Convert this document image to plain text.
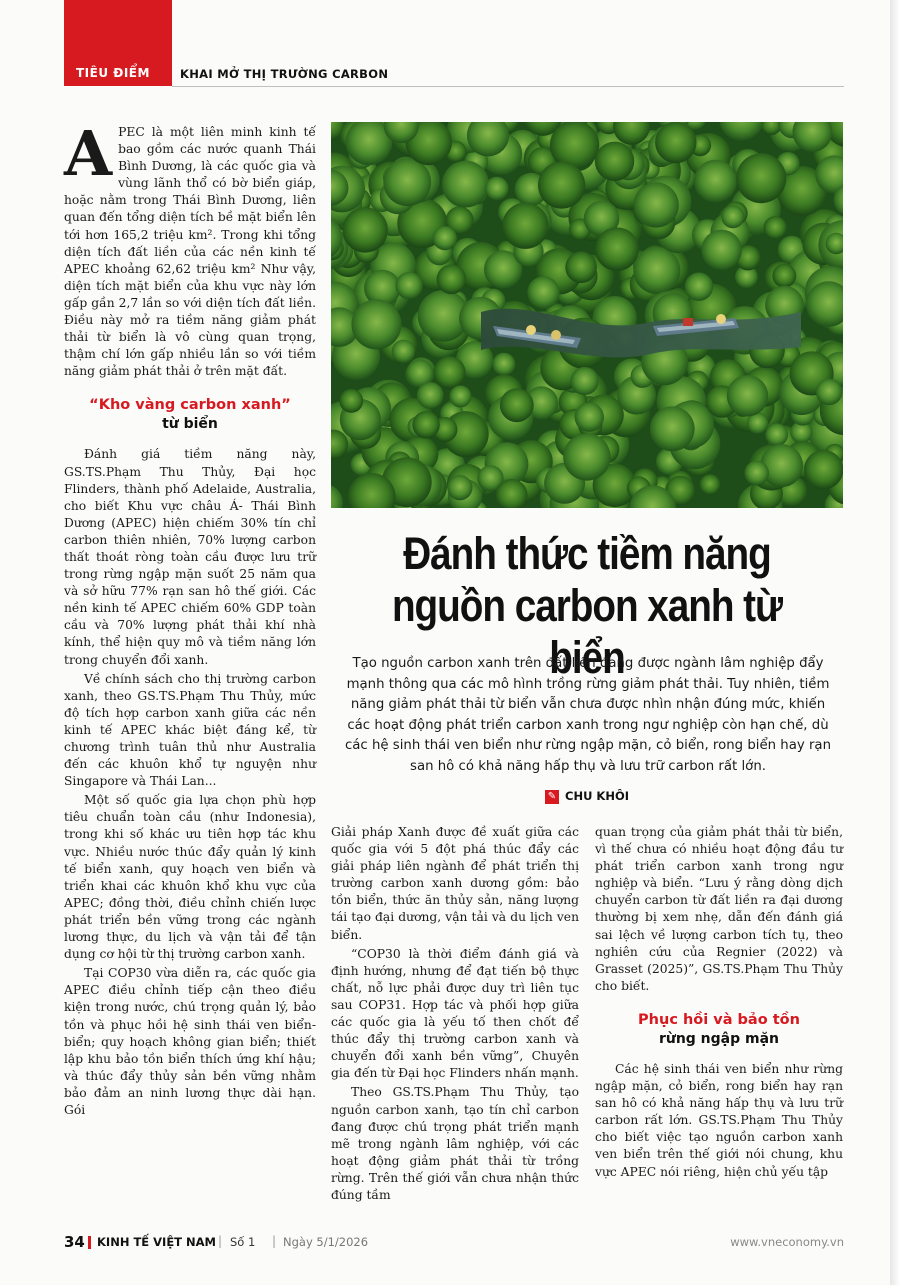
TIÊU ĐIỂM	KHAI MỞ THỊ TRƯỜNG CARBON

APEC là một liên minh kinh tế bao gồm các nước quanh Thái Bình Dương, là các quốc gia và vùng lãnh thổ có bờ biển giáp, hoặc nằm trong Thái Bình Dương, liên quan đến tổng diện tích bề mặt biển lên tới hơn 165,2 triệu km². Trong khi tổng diện tích đất liền của các nền kinh tế APEC khoảng 62,62 triệu km² Như vậy, diện tích mặt biển của khu vực này lớn gấp gần 2,7 lần so với diện tích đất liền. Điều này mở ra tiềm năng giảm phát thải từ biển là vô cùng quan trọng, thậm chí lớn gấp nhiều lần so với tiềm năng giảm phát thải ở trên mặt đất.

“Kho vàng carbon xanh”
từ biển

Đánh giá tiềm năng này, GS.TS.Phạm Thu Thủy, Đại học Flinders, thành phố Adelaide, Australia, cho biết Khu vực châu Á- Thái Bình Dương (APEC) hiện chiếm 30% tín chỉ carbon thiên nhiên, 70% lượng carbon thất thoát ròng toàn cầu được lưu trữ trong rừng ngập mặn suốt 25 năm qua và sở hữu 77% rạn san hô thế giới. Các nền kinh tế APEC chiếm 60% GDP toàn cầu và 70% lượng phát thải khí nhà kính, thể hiện quy mô và tiềm năng lớn trong chuyển đổi xanh.

Về chính sách cho thị trường carbon xanh, theo GS.TS.Phạm Thu Thủy, mức độ tích hợp carbon xanh giữa các nền kinh tế APEC khác biệt đáng kể, từ chương trình tuân thủ như Australia đến các khuôn khổ tự nguyện như Singapore và Thái Lan...

Một số quốc gia lựa chọn phù hợp tiêu chuẩn toàn cầu (như Indonesia), trong khi số khác ưu tiên hợp tác khu vực. Nhiều nước thúc đẩy quản lý kinh tế biển xanh, quy hoạch ven biển và triển khai các khuôn khổ khu vực của APEC; đồng thời, điều chỉnh chiến lược phát triển bền vững trong các ngành lương thực, du lịch và vận tải để tận dụng cơ hội từ thị trường carbon xanh.

Tại COP30 vừa diễn ra, các quốc gia APEC điều chỉnh tiếp cận theo điều kiện trong nước, chú trọng quản lý, bảo tồn và phục hồi hệ sinh thái ven biển- biển; quy hoạch không gian biển; thiết lập khu bảo tồn biển thích ứng khí hậu; và thúc đẩy thủy sản bền vững nhằm bảo đảm an ninh lương thực dài hạn. Gói

Đánh thức tiềm năng
nguồn carbon xanh từ biển
Tạo nguồn carbon xanh trên đất liền đang được ngành lâm nghiệp đẩy mạnh thông qua các mô hình trồng rừng giảm phát thải. Tuy nhiên, tiềm năng giảm phát thải từ biển vẫn chưa được nhìn nhận đúng mức, khiến các hoạt động phát triển carbon xanh trong ngư nghiệp còn hạn chế, dù các hệ sinh thái ven biển như rừng ngập mặn, cỏ biển, rong biển hay rạn san hô có khả năng hấp thụ và lưu trữ carbon rất lớn.
✎ CHU KHÔI

Giải pháp Xanh được đề xuất giữa các quốc gia với 5 đột phá thúc đẩy các giải pháp liên ngành để phát triển thị trường carbon xanh dương gồm: bảo tồn biển, thức ăn thủy sản, năng lượng tái tạo đại dương, vận tải và du lịch ven biển.

“COP30 là thời điểm đánh giá và định hướng, nhưng để đạt tiến bộ thực chất, nỗ lực phải được duy trì liên tục sau COP31. Hợp tác và phối hợp giữa các quốc gia là yếu tố then chốt để thúc đẩy thị trường carbon xanh và chuyển đổi xanh bền vững”, Chuyên gia đến từ Đại học Flinders nhấn mạnh.

Theo GS.TS.Phạm Thu Thủy, tạo nguồn carbon xanh, tạo tín chỉ carbon đang được chú trọng phát triển mạnh mẽ trong ngành lâm nghiệp, với các hoạt động giảm phát thải từ trồng rừng. Trên thế giới vẫn chưa nhận thức đúng tầm

quan trọng của giảm phát thải từ biển, vì thế chưa có nhiều hoạt động đầu tư phát triển carbon xanh trong ngư nghiệp và biển. “Lưu ý rằng dòng dịch chuyển carbon từ đất liền ra đại dương thường bị xem nhẹ, dẫn đến đánh giá sai lệch về lượng carbon tích tụ, theo nghiên cứu của Regnier (2022) và Grasset (2025)”, GS.TS.Phạm Thu Thủy cho biết.

Phục hồi và bảo tồn
rừng ngập mặn

Các hệ sinh thái ven biển như rừng ngập mặn, cỏ biển, rong biển hay rạn san hô có khả năng hấp thụ và lưu trữ carbon rất lớn. GS.TS.Phạm Thu Thủy cho biết việc tạo nguồn carbon xanh ven biển trên thế giới nói chung, khu vực APEC nói riêng, hiện chủ yếu tập

34 KINH TẾ VIỆT NAM | Số 1 | Ngày 5/1/2026	www.vneconomy.vn
